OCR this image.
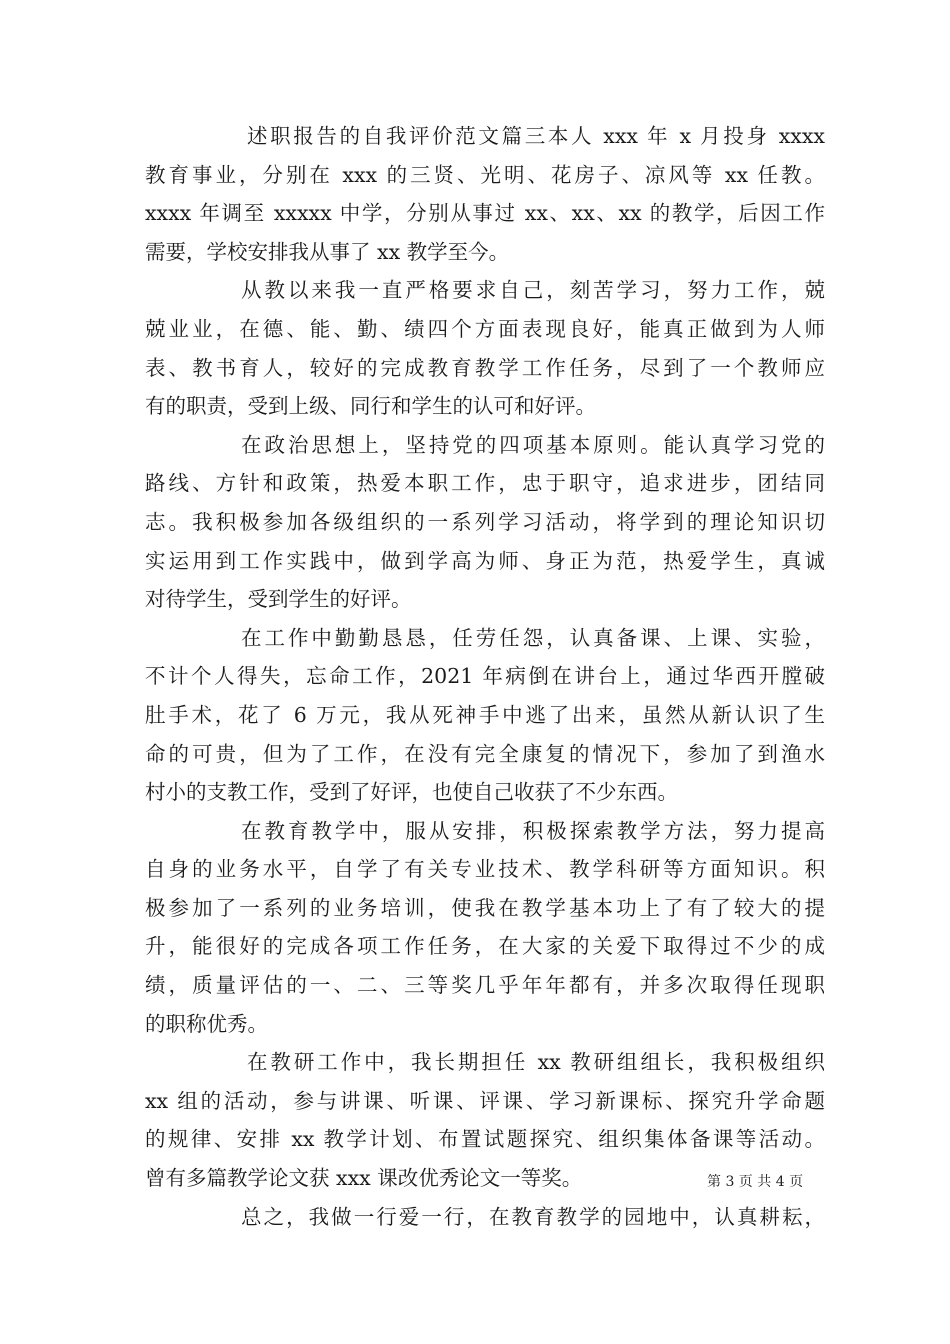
述职报告的自我评价范文篇三本人 xxx 年 x 月投身 xxxx
教育事业，分别在 xxx 的三贤、光明、花房子、凉风等 xx 任教。
xxxx 年调至 xxxxx 中学，分别从事过 xx、xx、xx 的教学，后因工作
需要，学校安排我从事了 xx 教学至今。
从教以来我一直严格要求自己，刻苦学习，努力工作，兢
兢业业，在德、能、勤、绩四个方面表现良好，能真正做到为人师
表、教书育人，较好的完成教育教学工作任务，尽到了一个教师应
有的职责，受到上级、同行和学生的认可和好评。
在政治思想上，坚持党的四项基本原则。能认真学习党的
路线、方针和政策，热爱本职工作，忠于职守，追求进步，团结同
志。我积极参加各级组织的一系列学习活动，将学到的理论知识切
实运用到工作实践中，做到学高为师、身正为范，热爱学生，真诚
对待学生，受到学生的好评。
在工作中勤勤恳恳，任劳任怨，认真备课、上课、实验，
不计个人得失，忘命工作，2021 年病倒在讲台上，通过华西开膛破
肚手术，花了 6 万元，我从死神手中逃了出来，虽然从新认识了生
命的可贵，但为了工作，在没有完全康复的情况下，参加了到渔水
村小的支教工作，受到了好评，也使自己收获了不少东西。
在教育教学中，服从安排，积极探索教学方法，努力提高
自身的业务水平，自学了有关专业技术、教学科研等方面知识。积
极参加了一系列的业务培训，使我在教学基本功上了有了较大的提
升，能很好的完成各项工作任务，在大家的关爱下取得过不少的成
绩，质量评估的一、二、三等奖几乎年年都有，并多次取得任现职
的职称优秀。
在教研工作中，我长期担任 xx 教研组组长，我积极组织
xx 组的活动，参与讲课、听课、评课、学习新课标、探究升学命题
的规律、安排 xx 教学计划、布置试题探究、组织集体备课等活动。
曾有多篇教学论文获 xxx 课改优秀论文一等奖。
总之，我做一行爱一行，在教育教学的园地中，认真耕耘，
第 3 页 共 4 页
